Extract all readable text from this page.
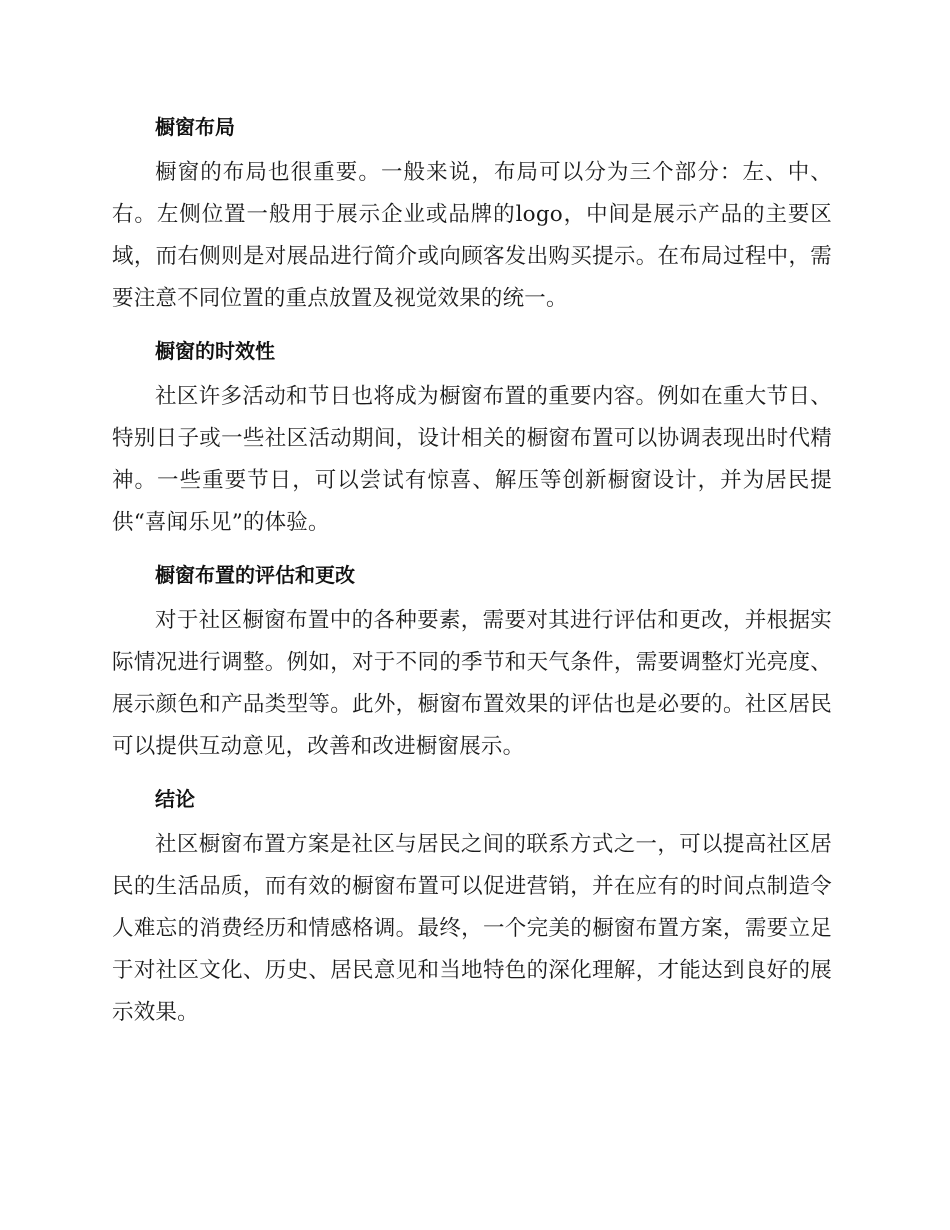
橱窗布局

橱窗的布局也很重要。一般来说，布局可以分为三个部分：左、中、右。左侧位置一般用于展示企业或品牌的logo，中间是展示产品的主要区域，而右侧则是对展品进行简介或向顾客发出购买提示。在布局过程中，需要注意不同位置的重点放置及视觉效果的统一。

橱窗的时效性

社区许多活动和节日也将成为橱窗布置的重要内容。例如在重大节日、特别日子或一些社区活动期间，设计相关的橱窗布置可以协调表现出时代精神。一些重要节日，可以尝试有惊喜、解压等创新橱窗设计，并为居民提供“喜闻乐见”的体验。

橱窗布置的评估和更改

对于社区橱窗布置中的各种要素，需要对其进行评估和更改，并根据实际情况进行调整。例如，对于不同的季节和天气条件，需要调整灯光亮度、展示颜色和产品类型等。此外，橱窗布置效果的评估也是必要的。社区居民可以提供互动意见，改善和改进橱窗展示。

结论

社区橱窗布置方案是社区与居民之间的联系方式之一，可以提高社区居民的生活品质，而有效的橱窗布置可以促进营销，并在应有的时间点制造令人难忘的消费经历和情感格调。最终，一个完美的橱窗布置方案，需要立足于对社区文化、历史、居民意见和当地特色的深化理解，才能达到良好的展示效果。
